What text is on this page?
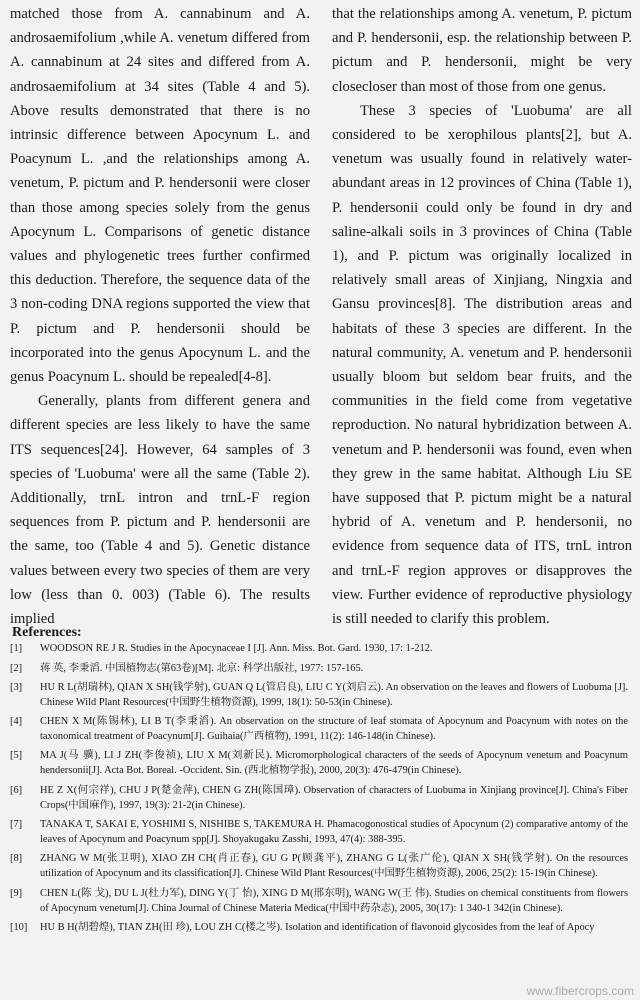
matched those from A. cannabinum and A. androsaemifolium ,while A. venetum differed from A. cannabinum at 24 sites and differed from A. androsaemifolium at 34 sites (Table 4 and 5). Above results demonstrated that there is no intrinsic difference between Apocynum L. and Poacynum L. ,and the relationships among A. venetum, P. pictum and P. hendersonii were closer than those among species solely from the genus Apocynum L. Comparisons of genetic distance values and phylogenetic trees further confirmed this deduction. Therefore, the sequence data of the 3 non-coding DNA regions supported the view that P. pictum and P. hendersonii should be incorporated into the genus Apocynum L. and the genus Poacynum L. should be repealed[4-8].

Generally, plants from different genera and different species are less likely to have the same ITS sequences[24]. However, 64 samples of 3 species of 'Luobuma' were all the same (Table 2). Additionally, trnL intron and trnL-F region sequences from P. pictum and P. hendersonii are the same, too (Table 4 and 5). Genetic distance values between every two species of them are very low (less than 0. 003) (Table 6). The results implied

that the relationships among A. venetum, P. pictum and P. hendersonii, esp. the relationship between P. pictum and P. hendersonii, might be very closecloser than most of those from one genus.

These 3 species of 'Luobuma' are all considered to be xerophilous plants[2], but A. venetum was usually found in relatively water-abundant areas in 12 provinces of China (Table 1), P. hendersonii could only be found in dry and saline-alkali soils in 3 provinces of China (Table 1), and P. pictum was originally localized in relatively small areas of Xinjiang, Ningxia and Gansu provinces[8]. The distribution areas and habitats of these 3 species are different. In the natural community, A. venetum and P. hendersonii usually bloom but seldom bear fruits, and the communities in the field come from vegetative reproduction. No natural hybridization between A. venetum and P. hendersonii was found, even when they grew in the same habitat. Although Liu SE have supposed that P. pictum might be a natural hybrid of A. venetum and P. hendersonii, no evidence from sequence data of ITS, trnL intron and trnL-F region approves or disapproves the view. Further evidence of reproductive physiology is still needed to clarify this problem.

References:
[1] WOODSON RE J R. Studies in the Apocynaceae I [J]. Ann. Miss. Bot. Gard. 1930, 17: 1-212.
[2] 蒋 英, 李秉滔. 中国植物志(第63卷)[M]. 北京: 科学出版社, 1977: 157-165.
[3] HU R L(胡瑞林), QIAN X SH(钱学射), GUAN Q L(管启良), LIU C Y(刘启云). An observation on the leaves and flowers of Luobuma [J]. Chinese Wild Plant Resources(中国野生植物资源), 1999, 18(1): 50-53(in Chinese).
[4] CHEN X M(陈锡林), LI B T(李秉滔). An observation on the structure of leaf stomata of Apocynum and Poacynum with notes on the taxonomical treatment of Poacynum[J]. Guihaia(广西植物), 1991, 11(2): 146-148(in Chinese).
[5] MA J(马 骥), LI J ZH(李俊祯), LIU X M(刘新民). Micromorphological characters of the seeds of Apocynum venetum and Poacynum hendersonii[J]. Acta Bot. Boreal. -Occident. Sin. (西北植物学报), 2000, 20(3): 476-479(in Chinese).
[6] HE Z X(何宗祥), CHU J P(楚金萍), CHEN G ZH(陈国璋). Observation of characters of Luobuma in Xinjiang province[J]. China's Fiber Crops(中国麻作), 1997, 19(3): 21-2(in Chinese).
[7] TANAKA T, SAKAI E, YOSHIMI S, NISHIBE S, TAKEMURA H. Phamacogonostical studies of Apocynum (2) comparative antomy of the leaves of Apocynum and Poacynum spp[J]. Shoyakugaku Zasshi, 1993, 47(4): 388-395.
[8] ZHANG W M(张卫明), XIAO ZH CH(肖正春), GU G P(顾龚平), ZHANG G L(张广伦), QIAN X SH(钱学射). On the resources utilization of Apocynum and its classification[J]. Chinese Wild Plant Resources(中国野生植物资源), 2006, 25(2): 15-19(in Chinese).
[9] CHEN L(陈 戈), DU L J(杜力军), DING Y(丁 怡), XING D M(邢东明), WANG W(王 伟). Studies on chemical constituents from flowers of Apocynum venetum[J]. China Journal of Chinese Materia Medica(中国中药杂志), 2005, 30(17): 1 340-1 342(in Chinese).
[10] HU B H(胡碧煌), TIAN ZH(田 珍), LOU ZH C(楼之岑). Isolation and identification of flavonoid glycosides from the leaf of Apocy
www.fibercrops.com
